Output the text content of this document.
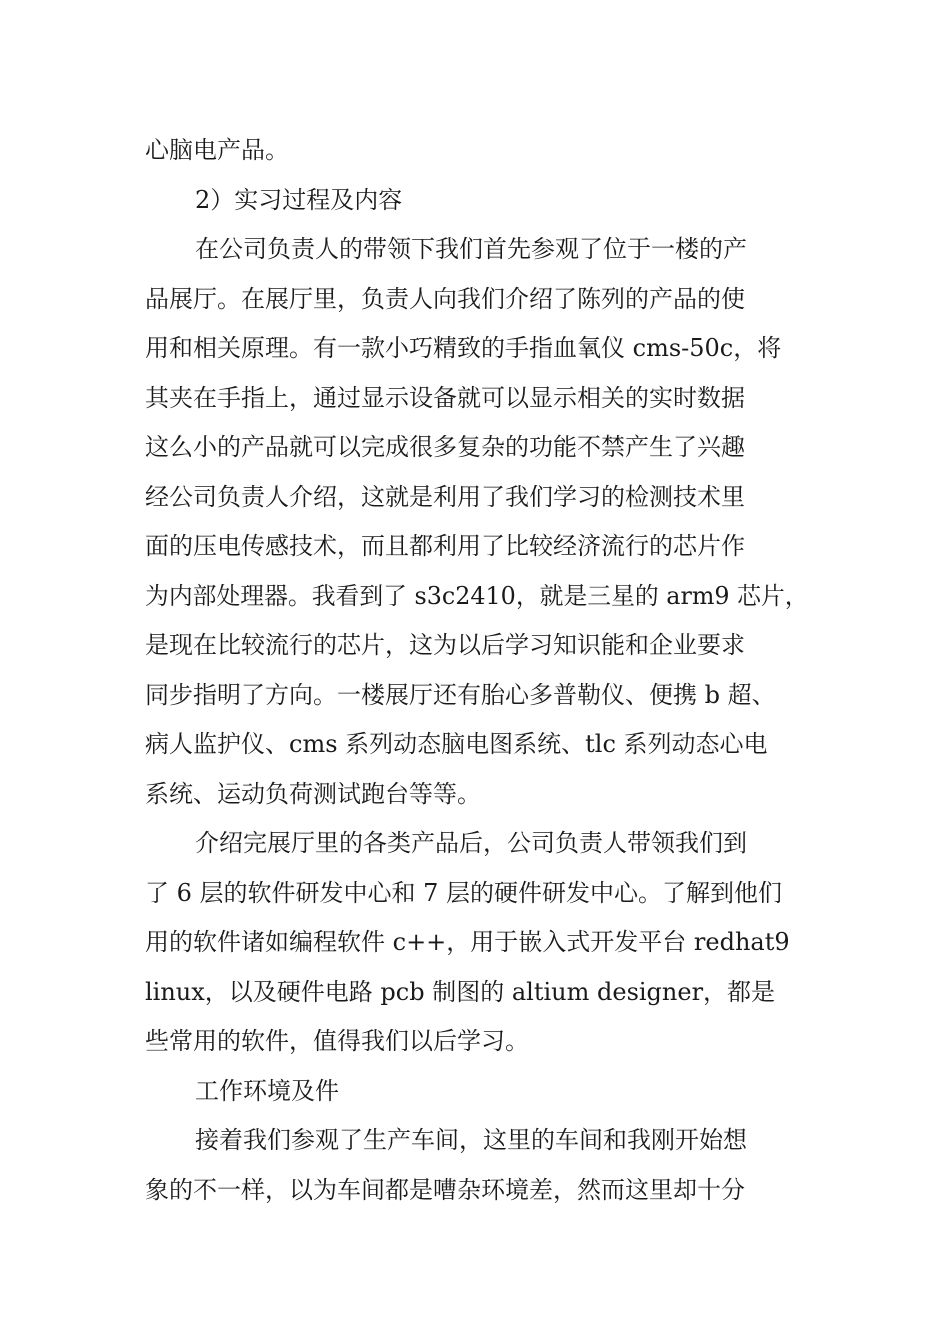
心脑电产品。
2）实习过程及内容
在公司负责人的带领下我们首先参观了位于一楼的产
品展厅。在展厅里，负责人向我们介绍了陈列的产品的使
用和相关原理。有一款小巧精致的手指血氧仪 cms-50c，将
其夹在手指上，通过显示设备就可以显示相关的实时数据
这么小的产品就可以完成很多复杂的功能不禁产生了兴趣
经公司负责人介绍，这就是利用了我们学习的检测技术里
面的压电传感技术，而且都利用了比较经济流行的芯片作
为内部处理器。我看到了 s3c2410，就是三星的 arm9 芯片，
是现在比较流行的芯片，这为以后学习知识能和企业要求
同步指明了方向。一楼展厅还有胎心多普勒仪、便携 b 超、
病人监护仪、cms 系列动态脑电图系统、tlc 系列动态心电
系统、运动负荷测试跑台等等。
介绍完展厅里的各类产品后，公司负责人带领我们到
了 6 层的软件研发中心和 7 层的硬件研发中心。了解到他们
用的软件诸如编程软件 c++，用于嵌入式开发平台 redhat9
linux，以及硬件电路 pcb 制图的 altium designer，都是
些常用的软件，值得我们以后学习。
工作环境及件
接着我们参观了生产车间，这里的车间和我刚开始想
象的不一样，以为车间都是嘈杂环境差，然而这里却十分
